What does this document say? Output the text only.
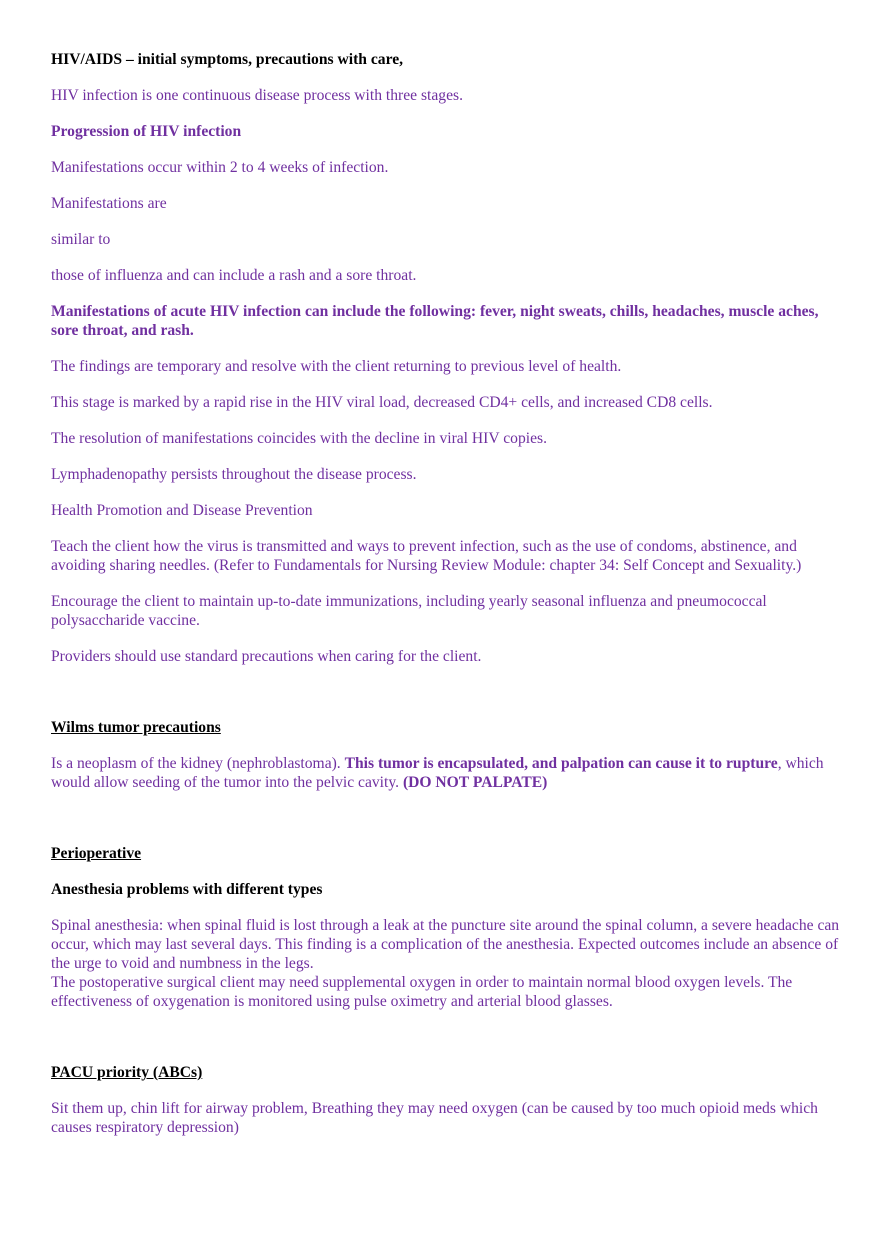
HIV/AIDS – initial symptoms, precautions with care,

HIV infection is one continuous disease process with three stages.

Progression of HIV infection

Manifestations occur within 2 to 4 weeks of infection.

Manifestations are

similar to

those of influenza and can include a rash and a sore throat.

Manifestations of acute HIV infection can include the following: fever, night sweats, chills, headaches, muscle aches, sore throat, and rash.

The findings are temporary and resolve with the client returning to previous level of health.

This stage is marked by a rapid rise in the HIV viral load, decreased CD4+ cells, and increased CD8 cells.

The resolution of manifestations coincides with the decline in viral HIV copies.

Lymphadenopathy persists throughout the disease process.

Health Promotion and Disease Prevention

Teach the client how the virus is transmitted and ways to prevent infection, such as the use of condoms, abstinence, and avoiding sharing needles. (Refer to Fundamentals for Nursing Review Module: chapter 34: Self Concept and Sexuality.)

Encourage the client to maintain up-to-date immunizations, including yearly seasonal influenza and pneumococcal polysaccharide vaccine.

Providers should use standard precautions when caring for the client.

Wilms tumor precautions

Is a neoplasm of the kidney (nephroblastoma). This tumor is encapsulated, and palpation can cause it to rupture, which would allow seeding of the tumor into the pelvic cavity. (DO NOT PALPATE)

Perioperative

Anesthesia problems with different types

Spinal anesthesia: when spinal fluid is lost through a leak at the puncture site around the spinal column, a severe headache can occur, which may last several days. This finding is a complication of the anesthesia. Expected outcomes include an absence of the urge to void and numbness in the legs.

The postoperative surgical client may need supplemental oxygen in order to maintain normal blood oxygen levels. The effectiveness of oxygenation is monitored using pulse oximetry and arterial blood glasses.

PACU priority (ABCs)

Sit them up, chin lift for airway problem, Breathing they may need oxygen (can be caused by too much opioid meds which causes respiratory depression)
